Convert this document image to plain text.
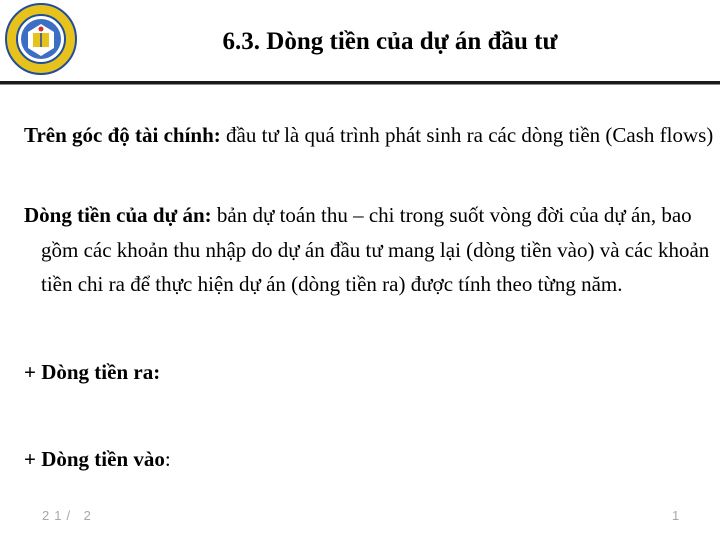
6.3. Dòng tiền của dự án đầu tư
Trên góc độ tài chính: đầu tư là quá trình phát sinh ra các dòng tiền (Cash flows)
Dòng tiền của dự án: bản dự toán thu – chi trong suốt vòng đời của dự án, bao gồm các khoản thu nhập do dự án đầu tư mang lại (dòng tiền vào) và các khoản tiền chi ra để thực hiện dự án (dòng tiền ra) được tính theo từng năm.
+ Dòng tiền ra:
+ Dòng tiền vào:
21/ 2	1
